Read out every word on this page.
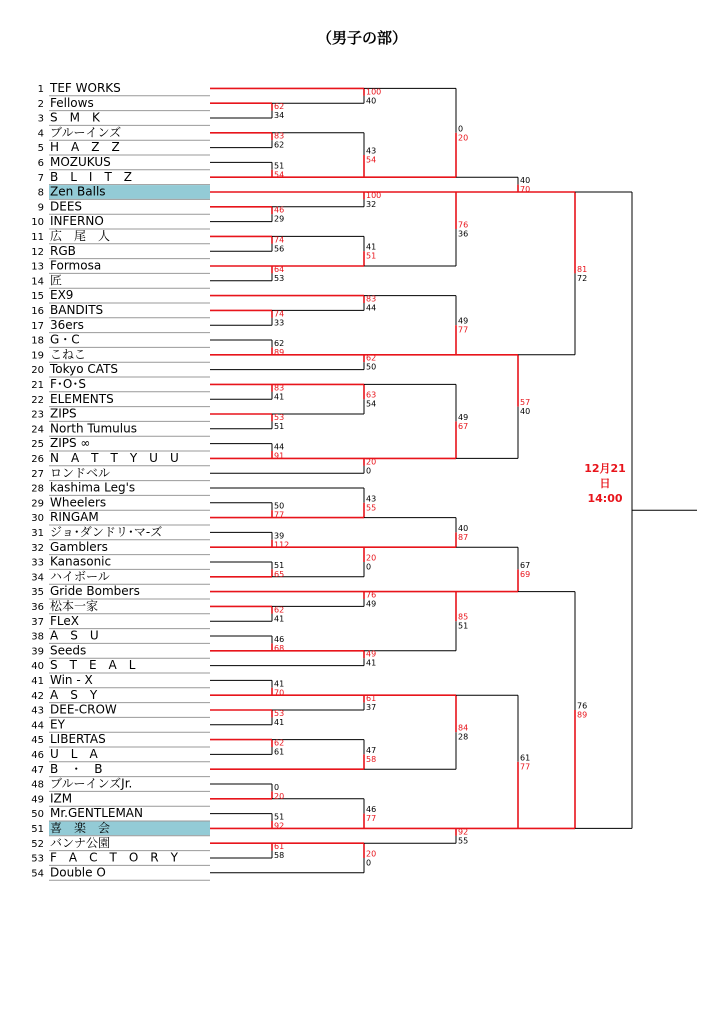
（男子の部）
1 TEF WORKS
2 Fellows
3 S　M　K
4 ブルーインズ
5 H　A　Z　Z
6 MOZUKUS
7 B　L　I　T　Z
8 Zen Balls
9 DEES
10 INFERNO
11 広　尾　人
12 RGB
13 Formosa
14 匠
15 EX9
16 BANDITS
17 36ers
18 G・C
19 こねこ
20 Tokyo CATS
21 F･O･S
22 ELEMENTS
23 ZIPS
24 North Tumulus
25 ZIPS ∞
26 N　A　T　T　Y　U　U
27 ロンドベル
28 kashima Leg's
29 Wheelers
30 RINGAM
31 ジョ･ダンドリ･マ-ズ
32 Gamblers
33 Kanasonic
34 ハイボール
35 Gride Bombers
36 松本一家
37 FLeX
38 A　S　U
39 Seeds
40 S　T　E　A　L
41 Win - X
42 A　S　Y
43 DEE-CROW
44 EY
45 LIBERTAS
46 U　L　A
47 B　・　B
48 ブルーインズJr.
49 IZM
50 Mr.GENTLEMAN
51 喜　楽　会
52 バンナ公園
53 F　A　C　T　O　R　Y
54 Double O
62
34
83
62
51
54
46
29
74
56
64
53
74
33
62
89
83
41
53
51
44
91
50
77
39
112
51
65
62
41
46
68
41
70
53
41
62
61
0
20
51
92
61
58
100
40
43
54
100
32
41
51
83
44
62
50
63
54
20
0
43
55
20
0
76
49
49
41
61
37
47
58
46
77
20
0
0
20
76
36
49
77
49
67
40
87
85
51
84
28
92
55
40
70
57
40
67
69
61
77
81
72
76
89
12月21
日
14:00
